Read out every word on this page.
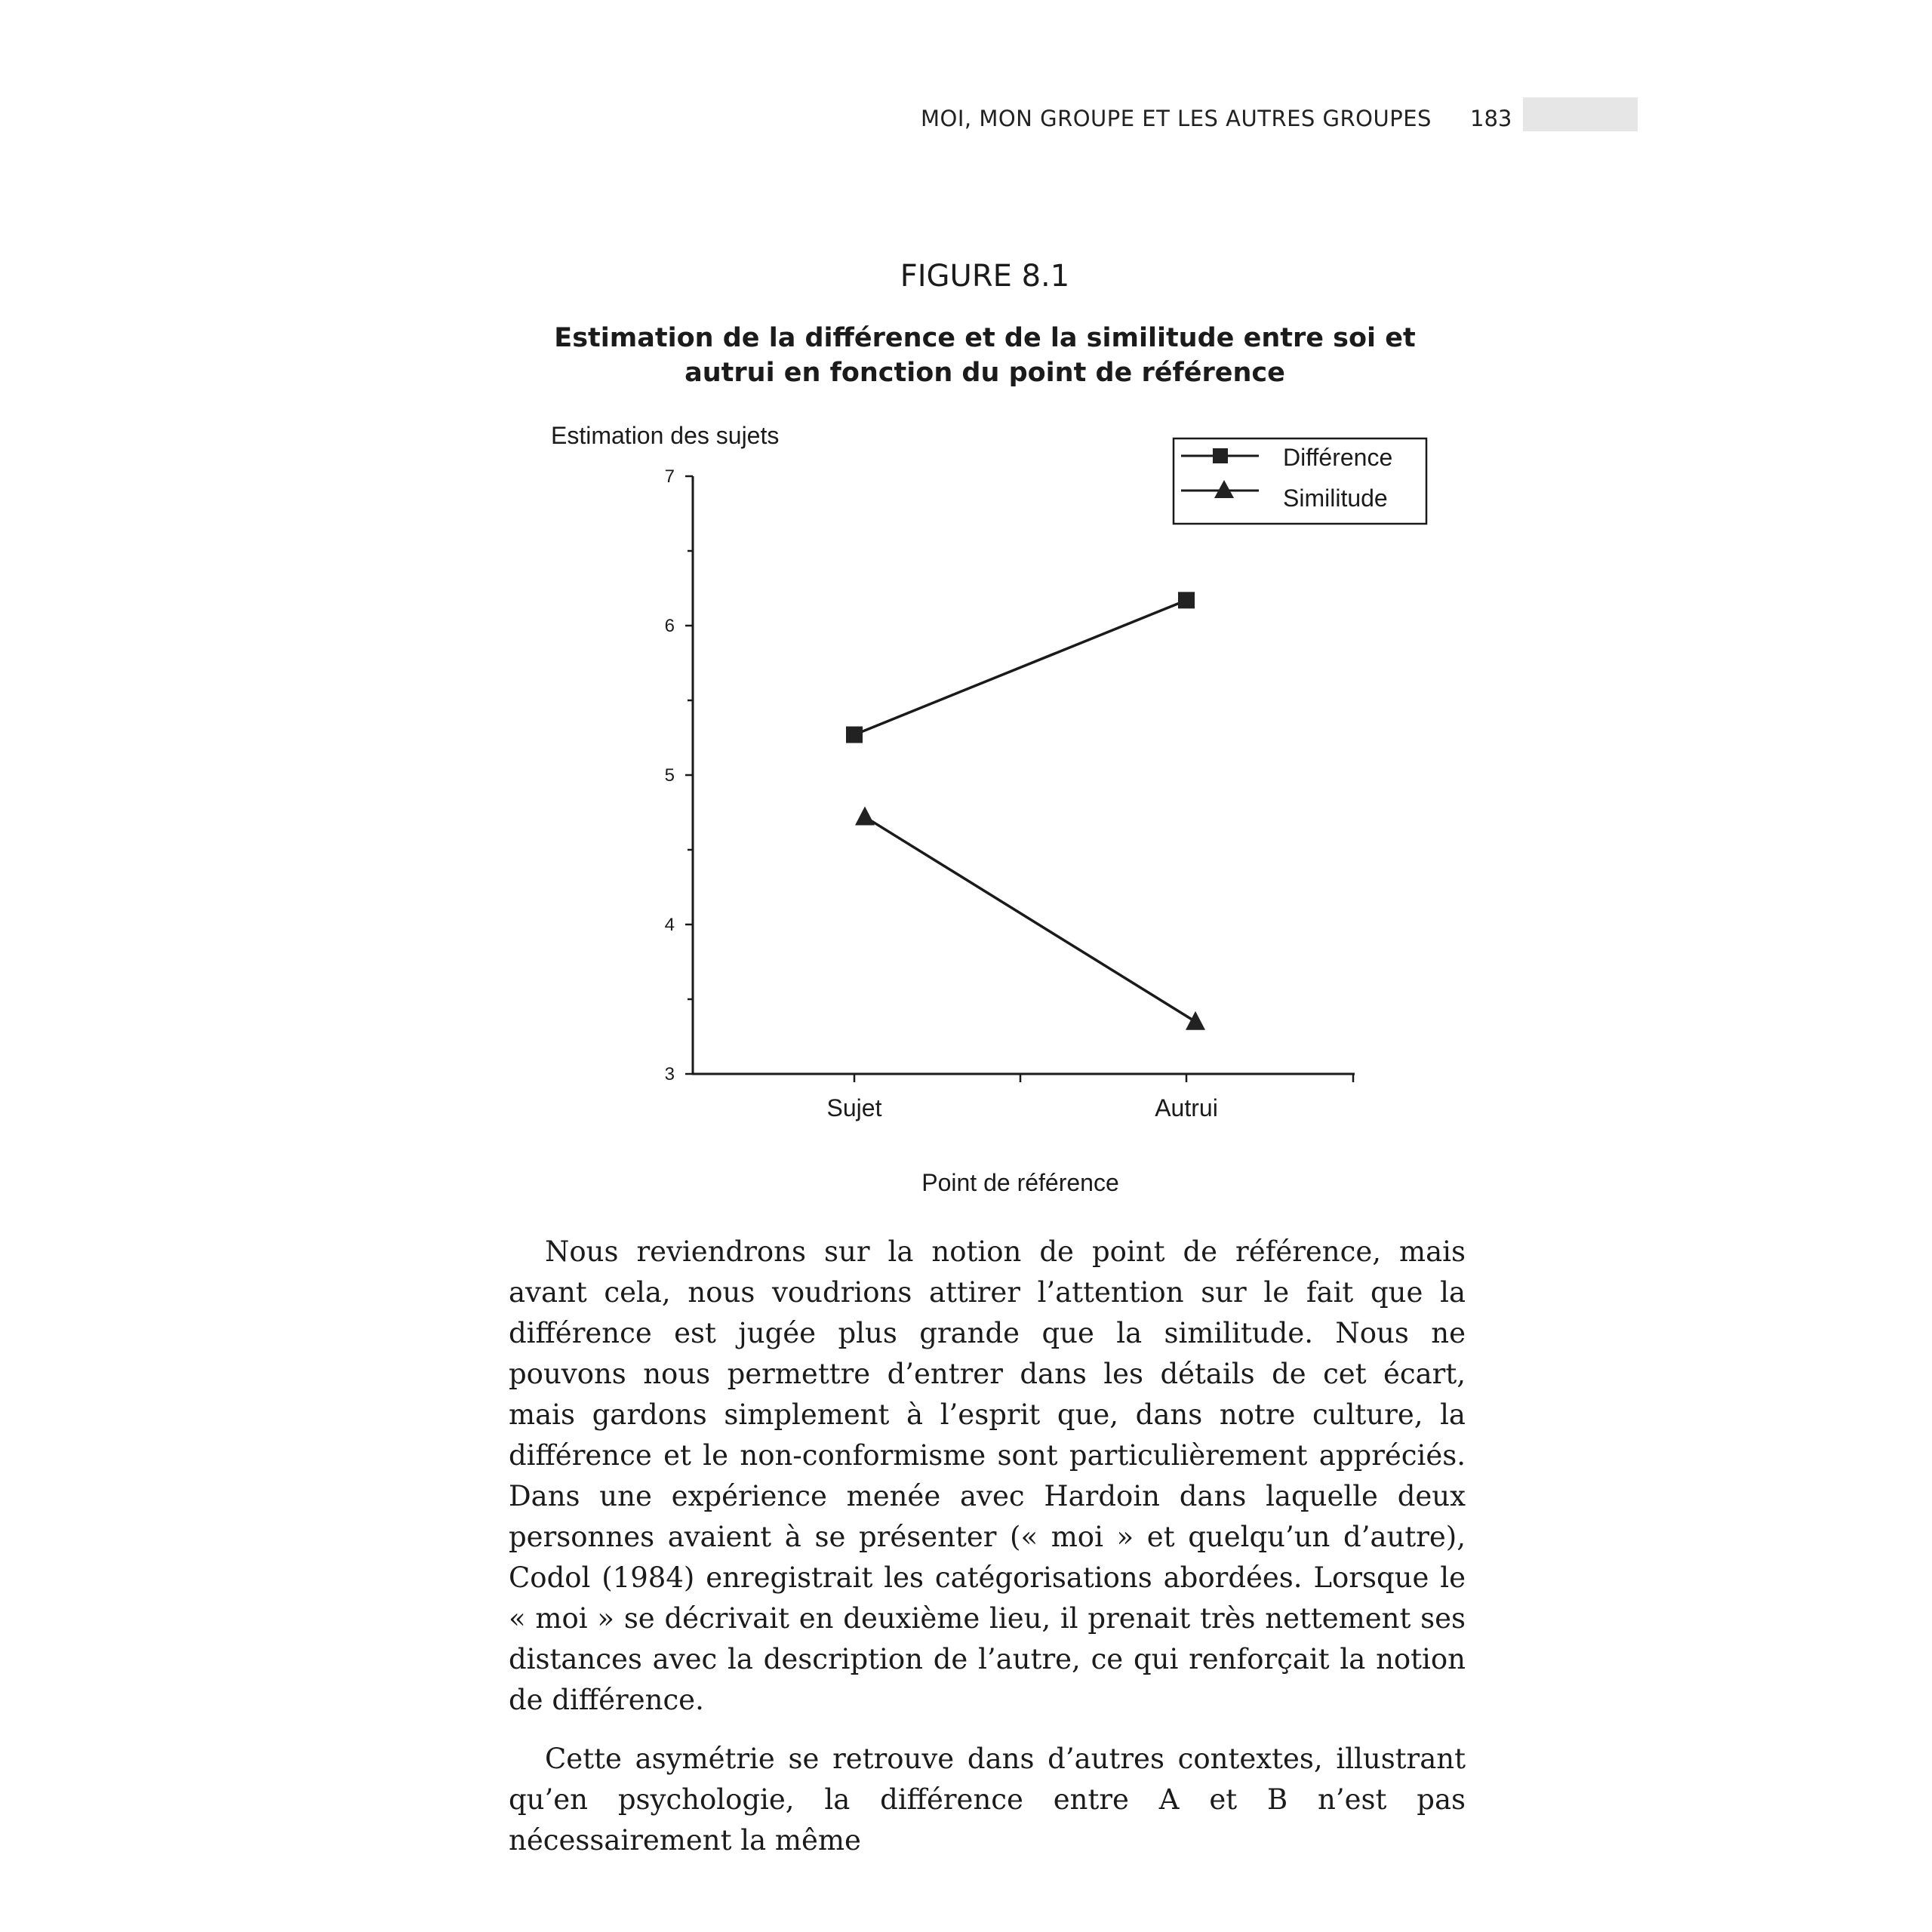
MOI, MON GROUPE ET LES AUTRES GROUPES 183
FIGURE 8.1
Estimation de la différence et de la similitude entre soi et autrui en fonction du point de référence
Estimation des sujets
3
4
5
6
7
Sujet	Autrui
Point de référence
Différence
Similitude

Nous reviendrons sur la notion de point de référence, mais avant cela, nous voudrions attirer l’attention sur le fait que la différence est jugée plus grande que la similitude. Nous ne pouvons nous permettre d’entrer dans les détails de cet écart, mais gardons simplement à l’esprit que, dans notre culture, la différence et le non-conformisme sont particulièrement appréciés. Dans une expérience menée avec Hardoin dans laquelle deux personnes avaient à se présenter (« moi » et quelqu’un d’autre), Codol (1984) enregistrait les catégorisations abordées. Lorsque le « moi » se décrivait en deuxième lieu, il prenait très nettement ses distances avec la description de l’autre, ce qui renforçait la notion de différence.

Cette asymétrie se retrouve dans d’autres contextes, illustrant qu’en psychologie, la différence entre A et B n’est pas nécessairement la même
